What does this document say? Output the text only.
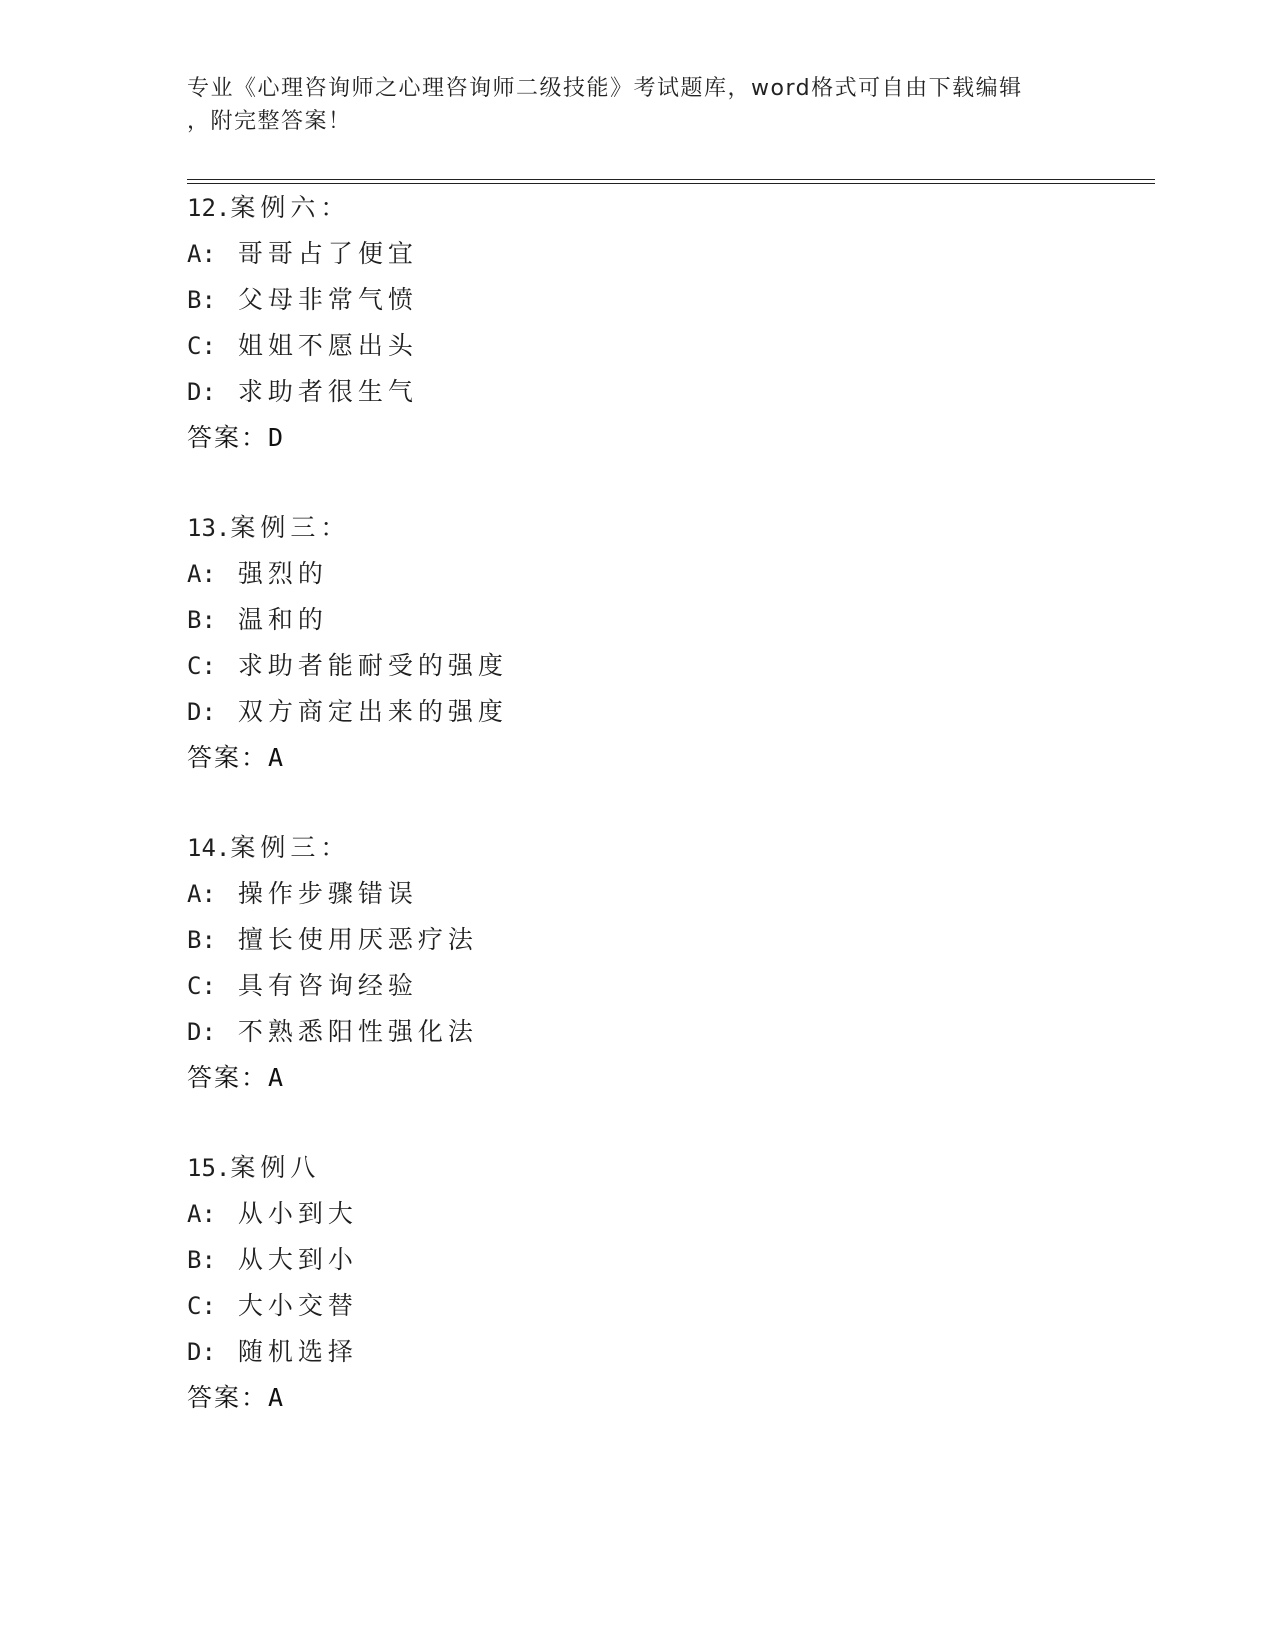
专业《心理咨询师之心理咨询师二级技能》考试题库，word格式可自由下载编辑
，附完整答案！
12.案例六：
A: 哥哥占了便宜
B: 父母非常气愤
C: 姐姐不愿出头
D: 求助者很生气
答案：D
13.案例三：
A: 强烈的
B: 温和的
C: 求助者能耐受的强度
D: 双方商定出来的强度
答案：A
14.案例三：
A: 操作步骤错误
B: 擅长使用厌恶疗法
C: 具有咨询经验
D: 不熟悉阳性强化法
答案：A
15.案例八
A: 从小到大
B: 从大到小
C: 大小交替
D: 随机选择
答案：A
